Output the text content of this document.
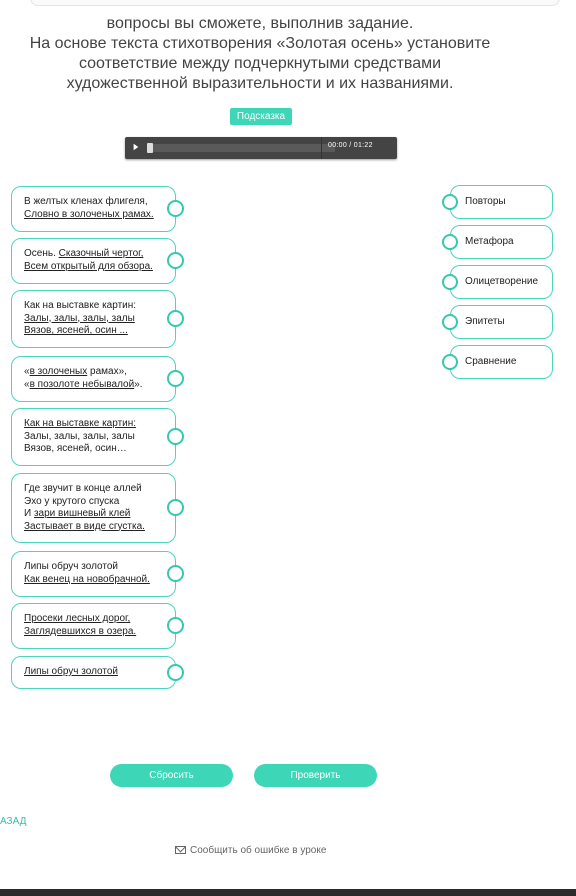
вопросы вы сможете, выполнив задание.

На основе текста стихотворения «Золотая осень» установите

соответствие между подчеркнутыми средствами

художественной выразительности и их названиями.

Подсказка
00:00 / 01:22
В желтых кленах флигеля,
Словно в золоченых рамах.
Осень. Сказочный чертог,
Всем открытый для обзора.
Как на выставке картин:
Залы, залы, залы, залы
Вязов, ясеней, осин ...
«в золоченых рамах»,
«в позолоте небывалой».
Как на выставке картин:
Залы, залы, залы, залы
Вязов, ясеней, осин…
Где звучит в конце аллей
Эхо у крутого спуска
И зари вишневый клей
Застывает в виде сгустка.
Липы обруч золотой
Как венец на новобрачной.
Просеки лесных дорог,
Заглядевшихся в озера.
Липы обруч золотой
Повторы
Метафора
Олицетворение
Эпитеты
Сравнение
Сбросить	Проверить
АЗАД
Сообщить об ошибке в уроке
